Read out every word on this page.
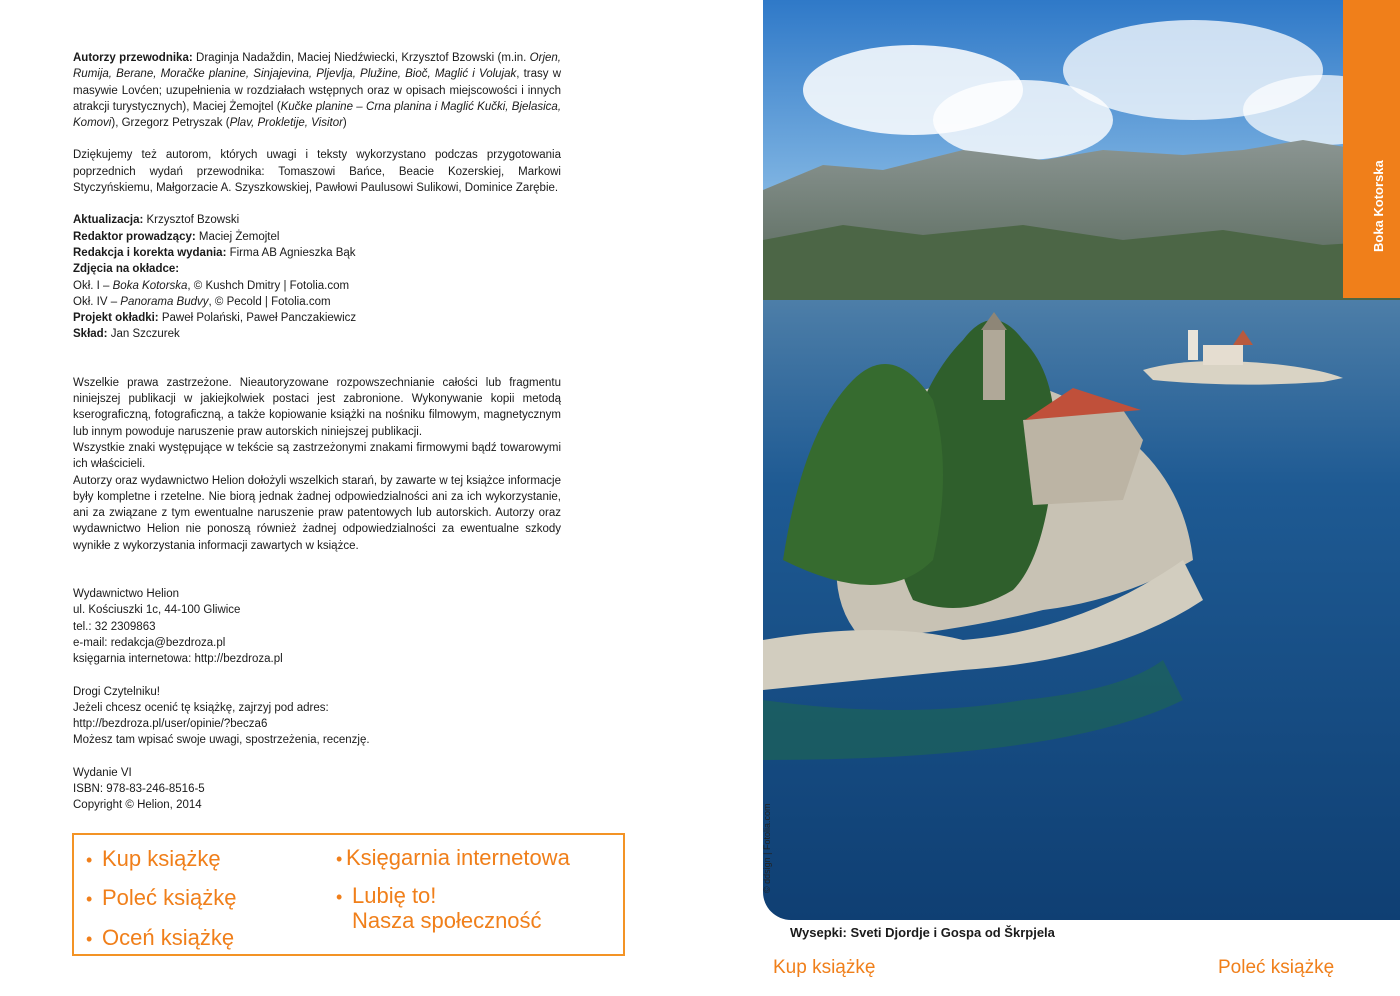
Autorzy przewodnika: Draginja Nadaždin, Maciej Niedźwiecki, Krzysztof Bzowski (m.in. Orjen, Rumija, Berane, Moračke planine, Sinjajevina, Pljevlja, Plužine, Bioč, Maglić i Volujak, trasy w masywie Lovćen; uzupełnienia w rozdziałach wstępnych oraz w opisach miejscowości i innych atrakcji turystycznych), Maciej Żemojtel (Kučke planine – Crna planina i Maglić Kučki, Bjelasica, Komovi), Grzegorz Petryszak (Plav, Prokletije, Visitor)

Dziękujemy też autorom, których uwagi i teksty wykorzystano podczas przygotowania poprzednich wydań przewodnika: Tomaszowi Bańce, Beacie Kozerskiej, Markowi Styczyńskiemu, Małgorzacie A. Szyszkowskiej, Pawłowi Paulusowi Sulikowi, Dominice Zarębie.

Aktualizacja: Krzysztof Bzowski

Redaktor prowadzący: Maciej Żemojtel

Redakcja i korekta wydania: Firma AB Agnieszka Bąk

Zdjęcia na okładce:

Okł. I – Boka Kotorska, © Kushch Dmitry | Fotolia.com

Okł. IV – Panorama Budvy, © Pecold | Fotolia.com

Projekt okładki: Paweł Polański, Paweł Panczakiewicz

Skład: Jan Szczurek

Wszelkie prawa zastrzeżone. Nieautoryzowane rozpowszechnianie całości lub fragmentu niniejszej publikacji w jakiejkolwiek postaci jest zabronione. Wykonywanie kopii metodą kserograficzną, fotograficzną, a także kopiowanie książki na nośniku filmowym, magnetycznym lub innym powoduje naruszenie praw autorskich niniejszej publikacji.

Wszystkie znaki występujące w tekście są zastrzeżonymi znakami firmowymi bądź towarowymi ich właścicieli.

Autorzy oraz wydawnictwo Helion dołożyli wszelkich starań, by zawarte w tej książce informacje były kompletne i rzetelne. Nie biorą jednak żadnej odpowiedzialności ani za ich wykorzystanie, ani za związane z tym ewentualne naruszenie praw patentowych lub autorskich. Autorzy oraz wydawnictwo Helion nie ponoszą również żadnej odpowiedzialności za ewentualne szkody wynikłe z wykorzystania informacji zawartych w książce.

Wydawnictwo Helion

ul. Kościuszki 1c, 44-100 Gliwice

tel.: 32 2309863

e-mail: redakcja@bezdroza.pl

księgarnia internetowa: http://bezdroza.pl

Drogi Czytelniku!

Jeżeli chcesz ocenić tę książkę, zajrzyj pod adres:

http://bezdroza.pl/user/opinie/?becza6

Możesz tam wpisać swoje uwagi, spostrzeżenia, recenzję.

Wydanie VI

ISBN: 978-83-246-8516-5

Copyright © Helion, 2014

• Kup książkę
• Poleć książkę
• Oceń książkę
• Księgarnia internetowa
• Lubię to!
Nasza społeczność
Boka Kotorska
© ddsign | Fotolia.com
Wysepki: Sveti Djordje i Gospa od Škrpjela
Kup książkę	Poleć książkę
